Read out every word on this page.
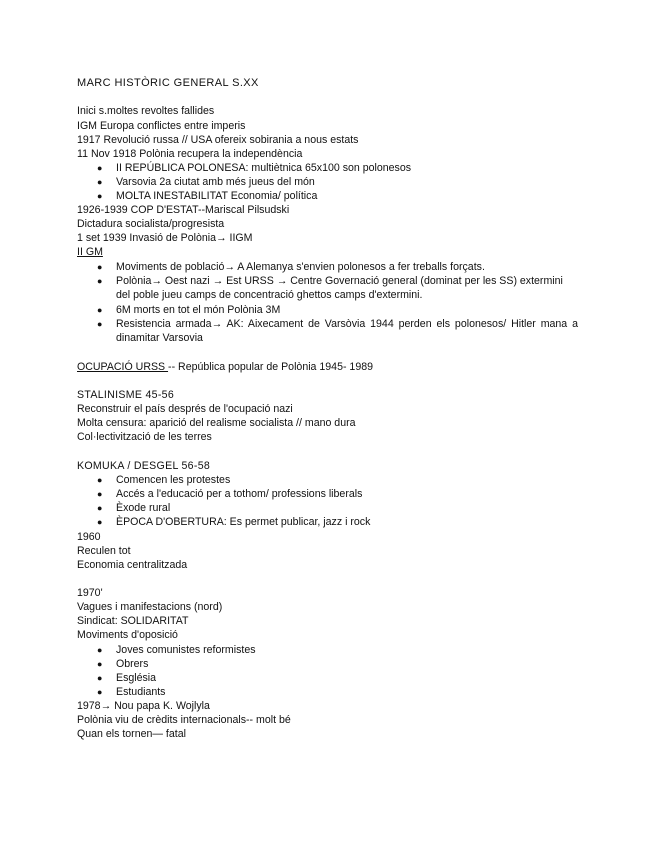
MARC HISTÒRIC GENERAL S.XX
Inici s.moltes revoltes fallides
IGM Europa conflictes entre imperis
1917 Revolució russa // USA ofereix sobirania a nous estats
11 Nov 1918 Polònia recupera la independència
● II REPÚBLICA POLONESA: multiètnica 65x100 son polonesos
● Varsovia 2a ciutat amb més jueus del món
● MOLTA INESTABILITAT Economia/ política
1926-1939 COP D'ESTAT--Mariscal Pilsudski
Dictadura socialista/progresista
1 set 1939 Invasió de Polònia→ IIGM
II GM
● Moviments de població→ A Alemanya s'envien polonesos a fer treballs forçats.
● Polònia→ Oest nazi → Est URSS → Centre Governació general (dominat per les SS) extermini
del poble jueu camps de concentració ghettos camps d'extermini.
● 6M morts en tot el món Polònia 3M
● Resistencia armada→ AK: Aixecament de Varsòvia 1944 perden els polonesos/ Hitler mana a
dinamitar Varsovia
OCUPACIÓ URSS -- República popular de Polònia 1945- 1989
STALINISME 45-56
Reconstruir el país després de l'ocupació nazi
Molta censura: aparició del realisme socialista // mano dura
Col·lectivització de les terres
KOMUKA / DESGEL 56-58
● Comencen les protestes
● Accés a l'educació per a tothom/ professions liberals
● Èxode rural
● ÈPOCA D'OBERTURA: Es permet publicar, jazz i rock
1960
Reculen tot
Economia centralitzada
1970'
Vagues i manifestacions (nord)
Sindicat: SOLIDARITAT
Moviments d'oposició
● Joves comunistes reformistes
● Obrers
● Església
● Estudiants
1978→ Nou papa K. Wojlyla
Polònia viu de crèdits internacionals-- molt bé
Quan els tornen— fatal
